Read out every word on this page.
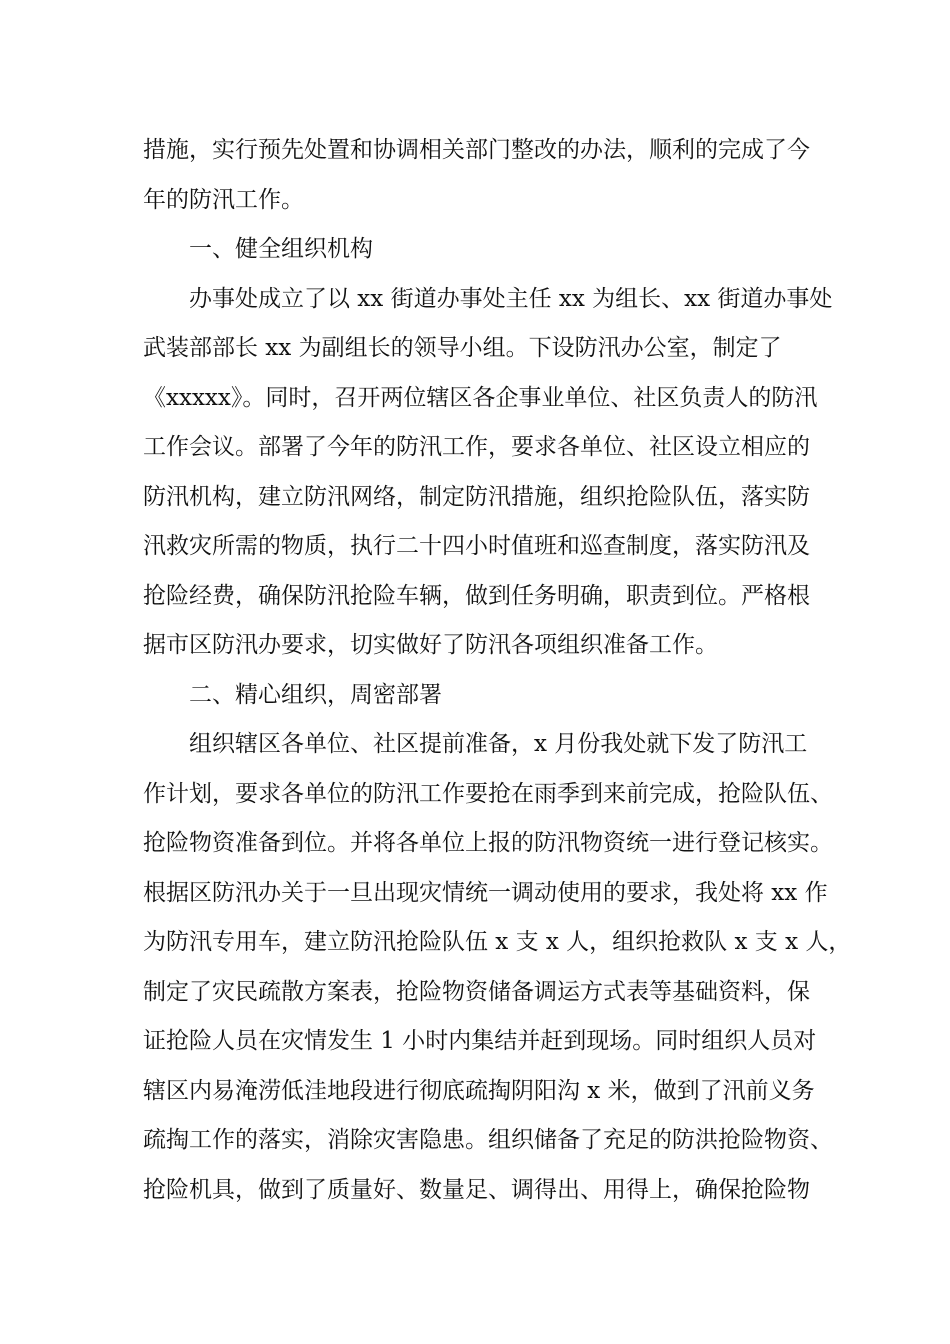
措施，实行预先处置和协调相关部门整改的办法，顺利的完成了今
年的防汛工作。
一、健全组织机构
办事处成立了以 xx 街道办事处主任 xx 为组长、xx 街道办事处
武装部部长 xx 为副组长的领导小组。下设防汛办公室，制定了
《xxxxx》。同时，召开两位辖区各企事业单位、社区负责人的防汛
工作会议。部署了今年的防汛工作，要求各单位、社区设立相应的
防汛机构，建立防汛网络，制定防汛措施，组织抢险队伍，落实防
汛救灾所需的物质，执行二十四小时值班和巡查制度，落实防汛及
抢险经费，确保防汛抢险车辆，做到任务明确，职责到位。严格根
据市区防汛办要求，切实做好了防汛各项组织准备工作。
二、精心组织，周密部署
组织辖区各单位、社区提前准备，x 月份我处就下发了防汛工
作计划，要求各单位的防汛工作要抢在雨季到来前完成，抢险队伍、
抢险物资准备到位。并将各单位上报的防汛物资统一进行登记核实。
根据区防汛办关于一旦出现灾情统一调动使用的要求，我处将 xx 作
为防汛专用车，建立防汛抢险队伍 x 支 x 人，组织抢救队 x 支 x 人，
制定了灾民疏散方案表，抢险物资储备调运方式表等基础资料，保
证抢险人员在灾情发生 1 小时内集结并赶到现场。同时组织人员对
辖区内易淹涝低洼地段进行彻底疏掏阴阳沟 x 米，做到了汛前义务
疏掏工作的落实，消除灾害隐患。组织储备了充足的防洪抢险物资、
抢险机具，做到了质量好、数量足、调得出、用得上，确保抢险物
